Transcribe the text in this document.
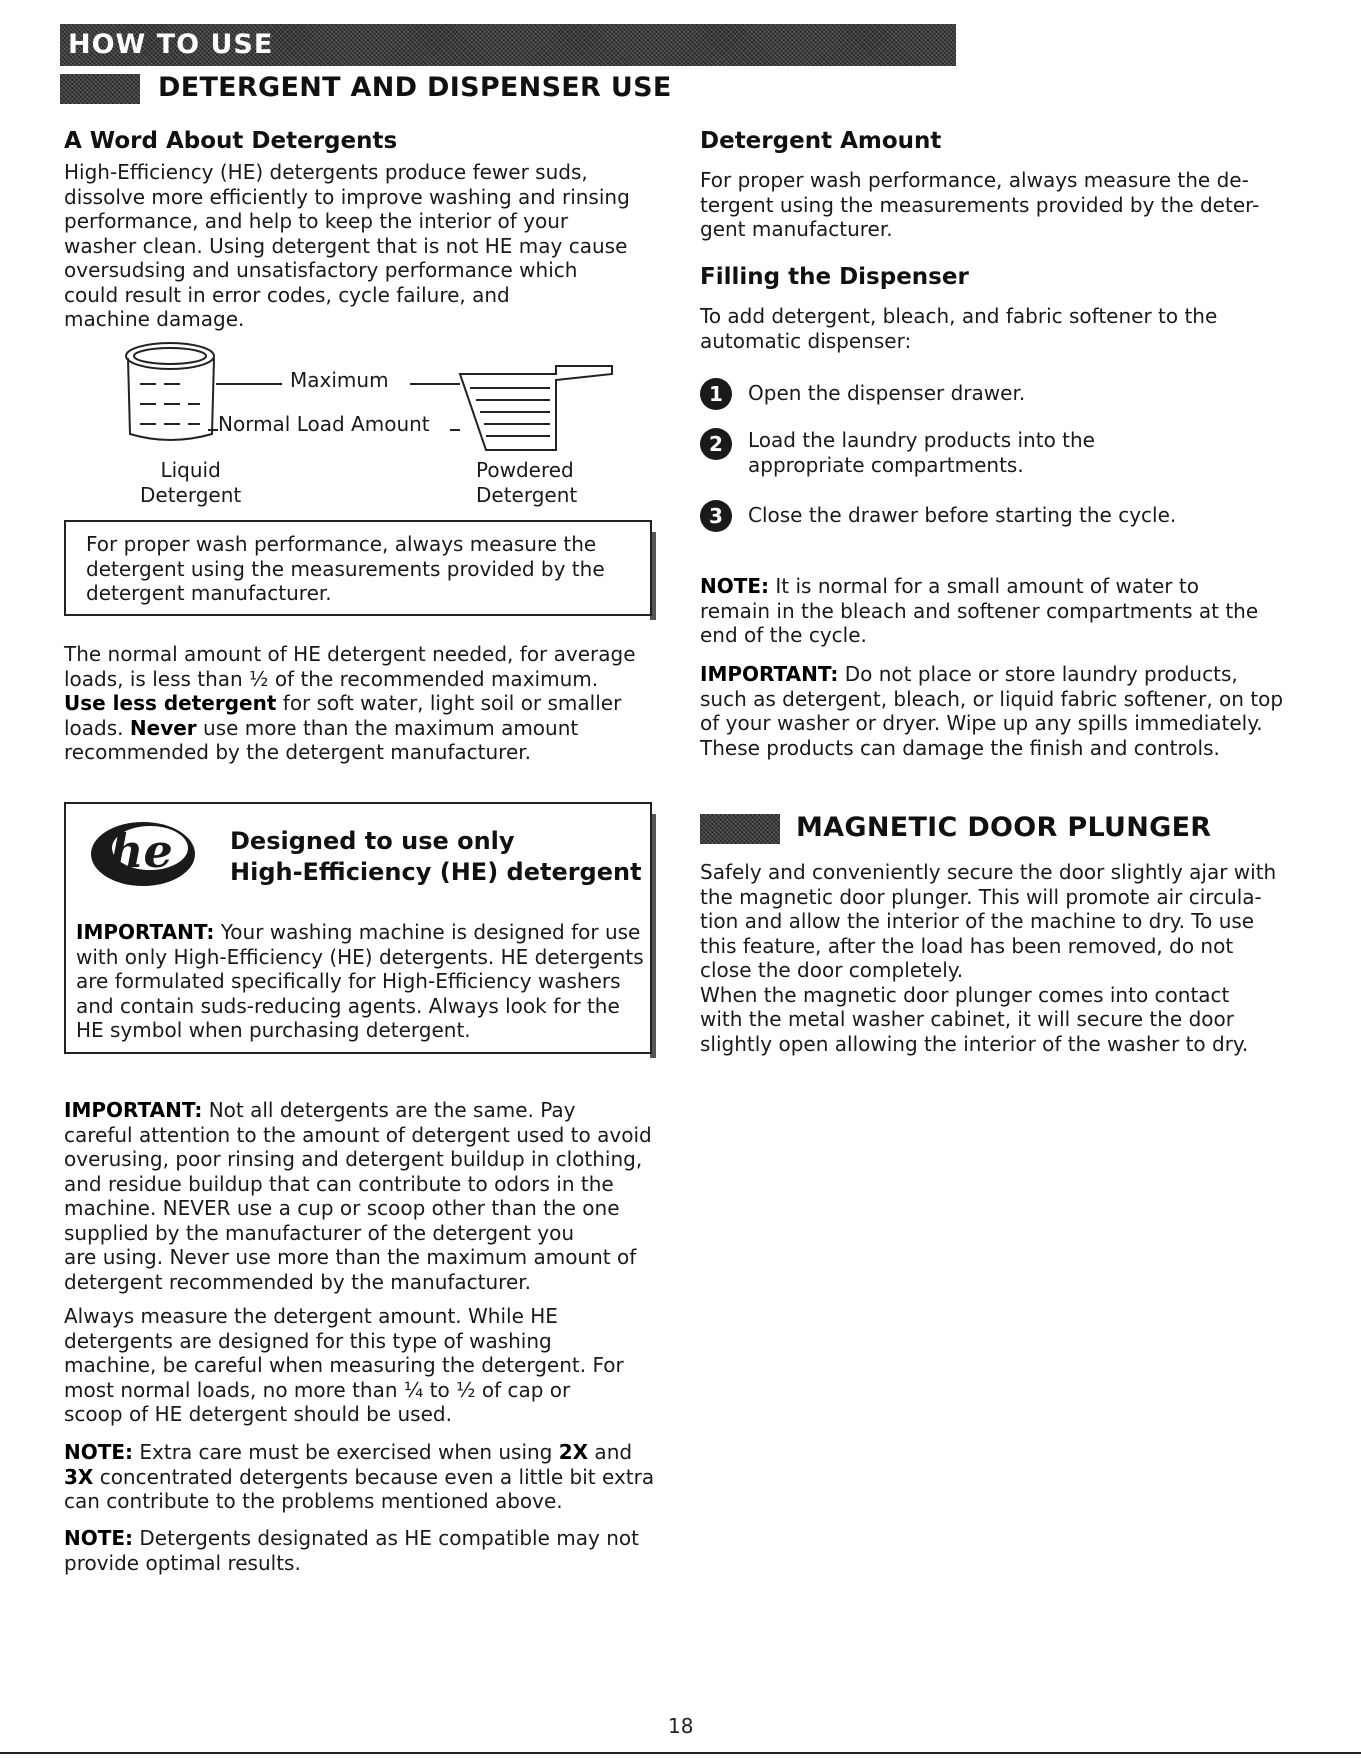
HOW TO USE
DETERGENT AND DISPENSER USE
A Word About Detergents
High-Efficiency (HE) detergents produce fewer suds,
dissolve more efficiently to improve washing and rinsing
performance, and help to keep the interior of your
washer clean. Using detergent that is not HE may cause
oversudsing and unsatisfactory performance which
could result in error codes, cycle failure, and
machine damage.
Maximum
Normal Load Amount
Liquid
Detergent
Powdered
Detergent
For proper wash performance, always measure the
detergent using the measurements provided by the
detergent manufacturer.
The normal amount of HE detergent needed, for average
loads, is less than ½ of the recommended maximum.
Use less detergent for soft water, light soil or smaller
loads. Never use more than the maximum amount
recommended by the detergent manufacturer.
he Designed to use only
High-Efficiency (HE) detergent
IMPORTANT: Your washing machine is designed for use
with only High-Efficiency (HE) detergents. HE detergents
are formulated specifically for High-Efficiency washers
and contain suds-reducing agents. Always look for the
HE symbol when purchasing detergent.
IMPORTANT: Not all detergents are the same. Pay
careful attention to the amount of detergent used to avoid
overusing, poor rinsing and detergent buildup in clothing,
and residue buildup that can contribute to odors in the
machine. NEVER use a cup or scoop other than the one
supplied by the manufacturer of the detergent you
are using. Never use more than the maximum amount of
detergent recommended by the manufacturer.
Always measure the detergent amount. While HE
detergents are designed for this type of washing
machine, be careful when measuring the detergent. For
most normal loads, no more than ¼ to ½ of cap or
scoop of HE detergent should be used.
NOTE: Extra care must be exercised when using 2X and
3X concentrated detergents because even a little bit extra
can contribute to the problems mentioned above.
NOTE: Detergents designated as HE compatible may not
provide optimal results.
Detergent Amount
For proper wash performance, always measure the de-
tergent using the measurements provided by the deter-
gent manufacturer.
Filling the Dispenser
To add detergent, bleach, and fabric softener to the
automatic dispenser:
1	Open the dispenser drawer.
2	Load the laundry products into the
appropriate compartments.
3	Close the drawer before starting the cycle.
NOTE: It is normal for a small amount of water to
remain in the bleach and softener compartments at the
end of the cycle.
IMPORTANT: Do not place or store laundry products,
such as detergent, bleach, or liquid fabric softener, on top
of your washer or dryer. Wipe up any spills immediately.
These products can damage the finish and controls.
MAGNETIC DOOR PLUNGER
Safely and conveniently secure the door slightly ajar with
the magnetic door plunger. This will promote air circula-
tion and allow the interior of the machine to dry. To use
this feature, after the load has been removed, do not
close the door completely.
When the magnetic door plunger comes into contact
with the metal washer cabinet, it will secure the door
slightly open allowing the interior of the washer to dry.
18
